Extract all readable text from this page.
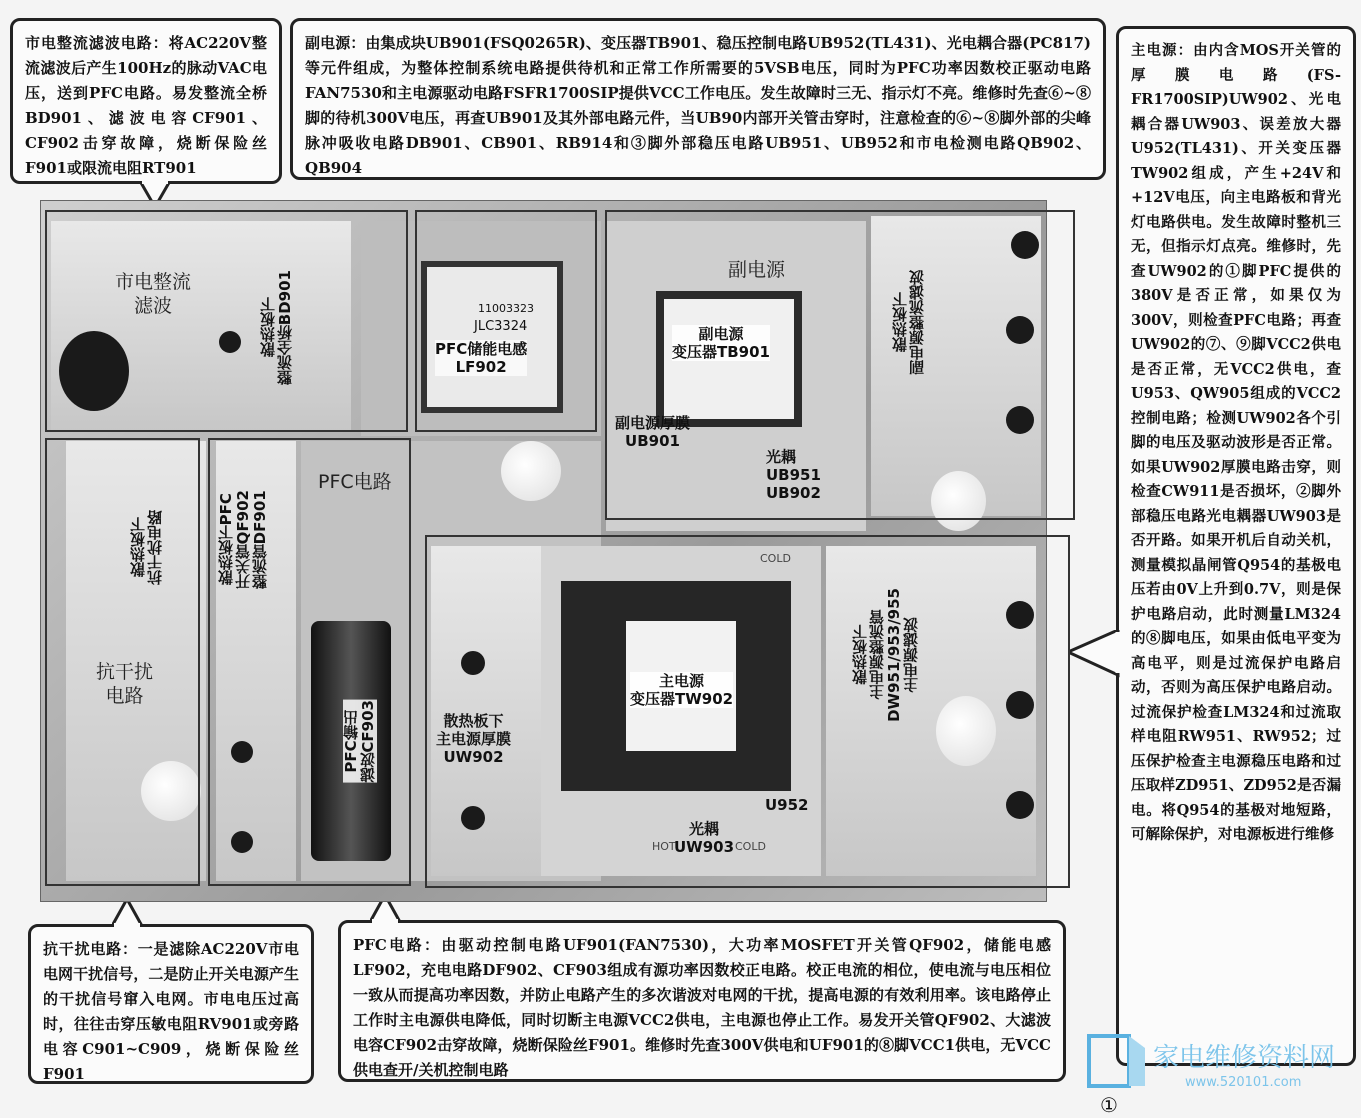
市电整流滤波电路：将AC220V整流滤波后产生100Hz的脉动VAC电压，送到PFC电路。易发整流全桥BD901、滤波电容CF901、CF902击穿故障，烧断保险丝F901或限流电阻RT901
副电源：由集成块UB901(FSQ0265R)、变压器TB901、稳压控制电路UB952(TL431)、光电耦合器(PC817)等元件组成，为整体控制系统电路提供待机和正常工作所需要的5VSB电压，同时为PFC功率因数校正驱动电路FAN7530和主电源驱动电路FSFR1700SIP提供VCC工作电压。发生故障时三无、指示灯不亮。维修时先查⑥~⑧脚的待机300V电压，再查UB901及其外部电路元件，当UB90内部开关管击穿时，注意检查的⑥~⑧脚外部的尖峰脉冲吸收电路DB901、CB901、RB914和③脚外部稳压电路UB951、UB952和市电检测电路QB902、QB904
主电源：由内含MOS开关管的厚膜电路(FS-FR1700SIP)UW902、光电耦合器UW903、误差放大器U952(TL431)、开关变压器TW902组成，产生+24V和+12V电压，向主电路板和背光灯电路供电。发生故障时整机三无，但指示灯点亮。维修时，先查UW902的①脚PFC提供的380V是否正常，如果仅为300V，则检查PFC电路；再查UW902的⑦、⑨脚VCC2供电是否正常，无VCC2供电，查U953、QW905组成的VCC2控制电路；检测UW902各个引脚的电压及驱动波形是否正常。如果UW902厚膜电路击穿，则检查CW911是否损坏，②脚外部稳压电路光电耦器UW903是否开路。如果开机后自动关机，测量模拟晶闸管Q954的基极电压若由0V上升到0.7V，则是保护电路启动，此时测量LM324的⑧脚电压，如果由低电平变为高电平，则是过流保护电路启动，否则为高压保护电路启动。过流保护检查LM324和过流取样电阻RW951、RW952；过压保护检查主电源稳压电路和过压取样ZD951、ZD952是否漏电。将Q954的基极对地短路，可解除保护，对电源板进行维修
抗干扰电路：一是滤除AC220V市电电网干扰信号，二是防止开关电源产生的干扰信号窜入电网。市电电压过高时，往往击穿压敏电阻RV901或旁路电容C901~C909，烧断保险丝F901
PFC电路：由驱动控制电路UF901(FAN7530)，大功率MOSFET开关管QF902，储能电感LF902，充电电路DF902、CF903组成有源功率因数校正电路。校正电流的相位，使电流与电压相位一致从而提高功率因数，并防止电路产生的多次谐波对电网的干扰，提高电源的有效利用率。该电路停止工作时主电源供电降低，同时切断主电源VCC2供电，主电源也停止工作。易发开关管QF902、大滤波电容CF902击穿故障，烧断保险丝F901。维修时先查300V供电和UF901的⑧脚VCC1供电，无VCC供电查开/关机控制电路
市电整流
滤波	散热板下
整流全桥BD901	PFC储能电感
LF902
11003323
JLC3324
副电源
副电源
变压器TB901
副电源厚膜
UB901
光耦
UB951
UB902
散热板下
副电源整流滤波
PFC电路
散热板下
抗干扰电路
抗干扰
电路
散热板下PFC
开关管QF902
整流管DF901
PFC输出
滤波CF903	散热板下
主电源厚膜
UW902
主电源
变压器TW902
散热板下
主电源整流管
DW951/953/955
主电源滤波
U952
光耦
UW903
COLD
HOT	COLD
家电维修资料网
www.520101.com
①
